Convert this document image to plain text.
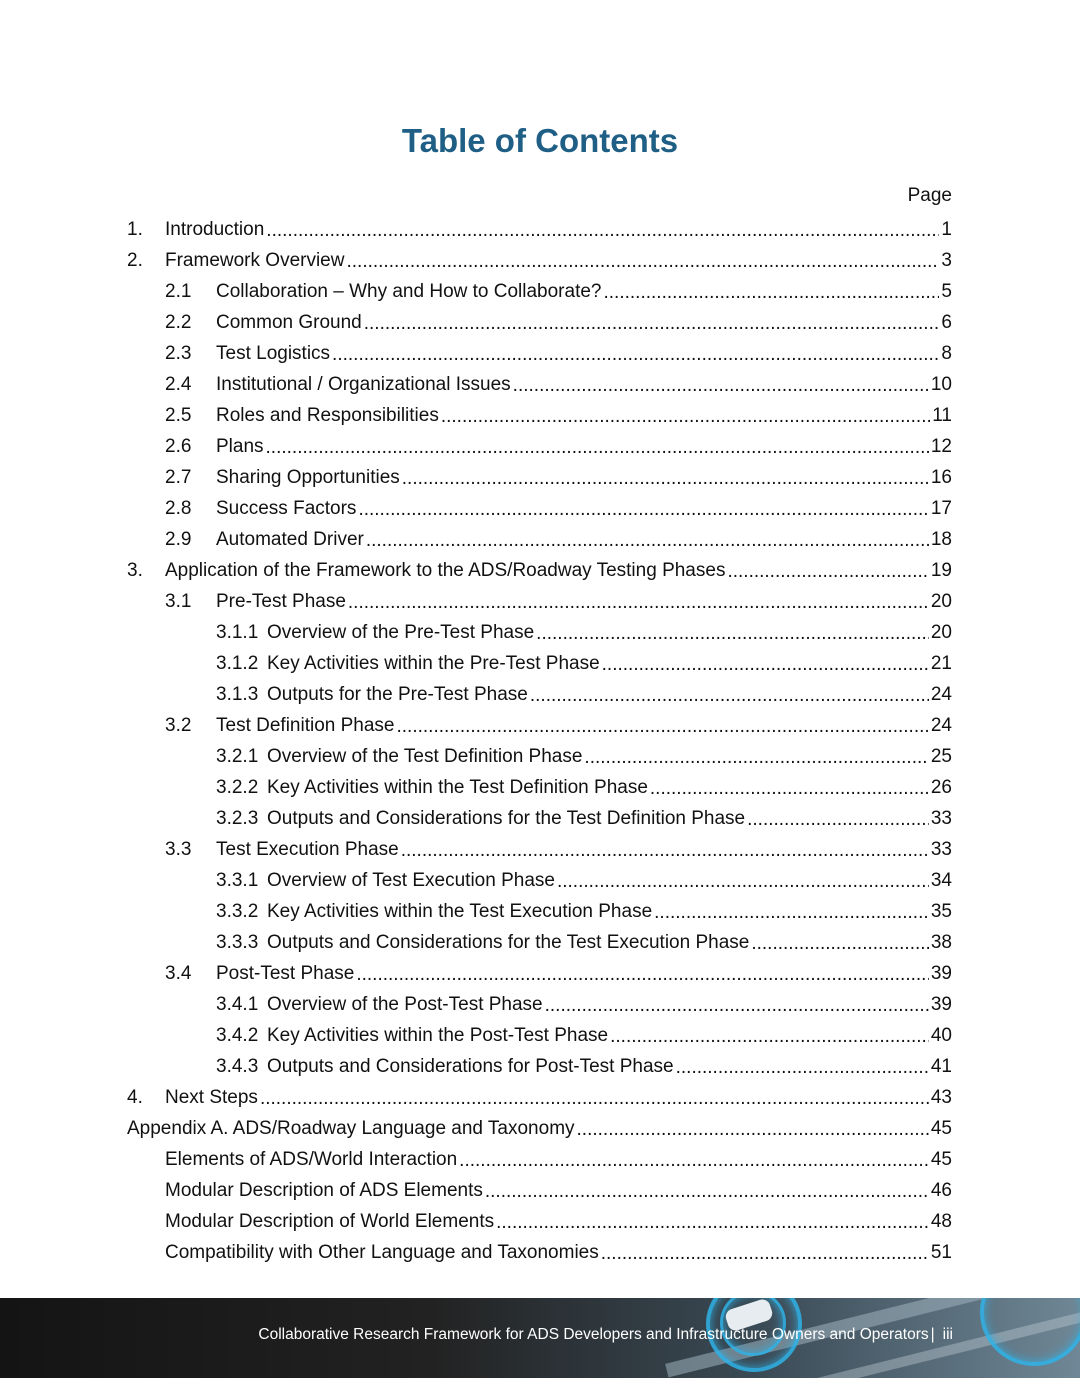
Table of Contents
Page
1.	Introduction .....	1
2.	Framework Overview .....	3
2.1	Collaboration – Why and How to Collaborate? .....	5
2.2	Common Ground .....	6
2.3	Test Logistics .....	8
2.4	Institutional / Organizational Issues .....	10
2.5	Roles and Responsibilities .....	11
2.6	Plans .....	12
2.7	Sharing Opportunities .....	16
2.8	Success Factors .....	17
2.9	Automated Driver .....	18
3.	Application of the Framework to the ADS/Roadway Testing Phases .....	19
3.1	Pre-Test Phase .....	20
3.1.1 Overview of the Pre-Test Phase .....	20
3.1.2 Key Activities within the Pre-Test Phase .....	21
3.1.3 Outputs for the Pre-Test Phase .....	24
3.2	Test Definition Phase .....	24
3.2.1 Overview of the Test Definition Phase .....	25
3.2.2 Key Activities within the Test Definition Phase .....	26
3.2.3 Outputs and Considerations for the Test Definition Phase .....	33
3.3	Test Execution Phase .....	33
3.3.1 Overview of Test Execution Phase .....	34
3.3.2 Key Activities within the Test Execution Phase .....	35
3.3.3 Outputs and Considerations for the Test Execution Phase .....	38
3.4	Post-Test Phase .....	39
3.4.1 Overview of the Post-Test Phase .....	39
3.4.2 Key Activities within the Post-Test Phase .....	40
3.4.3 Outputs and Considerations for Post-Test Phase .....	41
4.	Next Steps .....	43
Appendix A. ADS/Roadway Language and Taxonomy .....	45
Elements of ADS/World Interaction .....	45
Modular Description of ADS Elements .....	46
Modular Description of World Elements .....	48
Compatibility with Other Language and Taxonomies .....	51
Collaborative Research Framework for ADS Developers and Infrastructure Owners and Operators | iii
